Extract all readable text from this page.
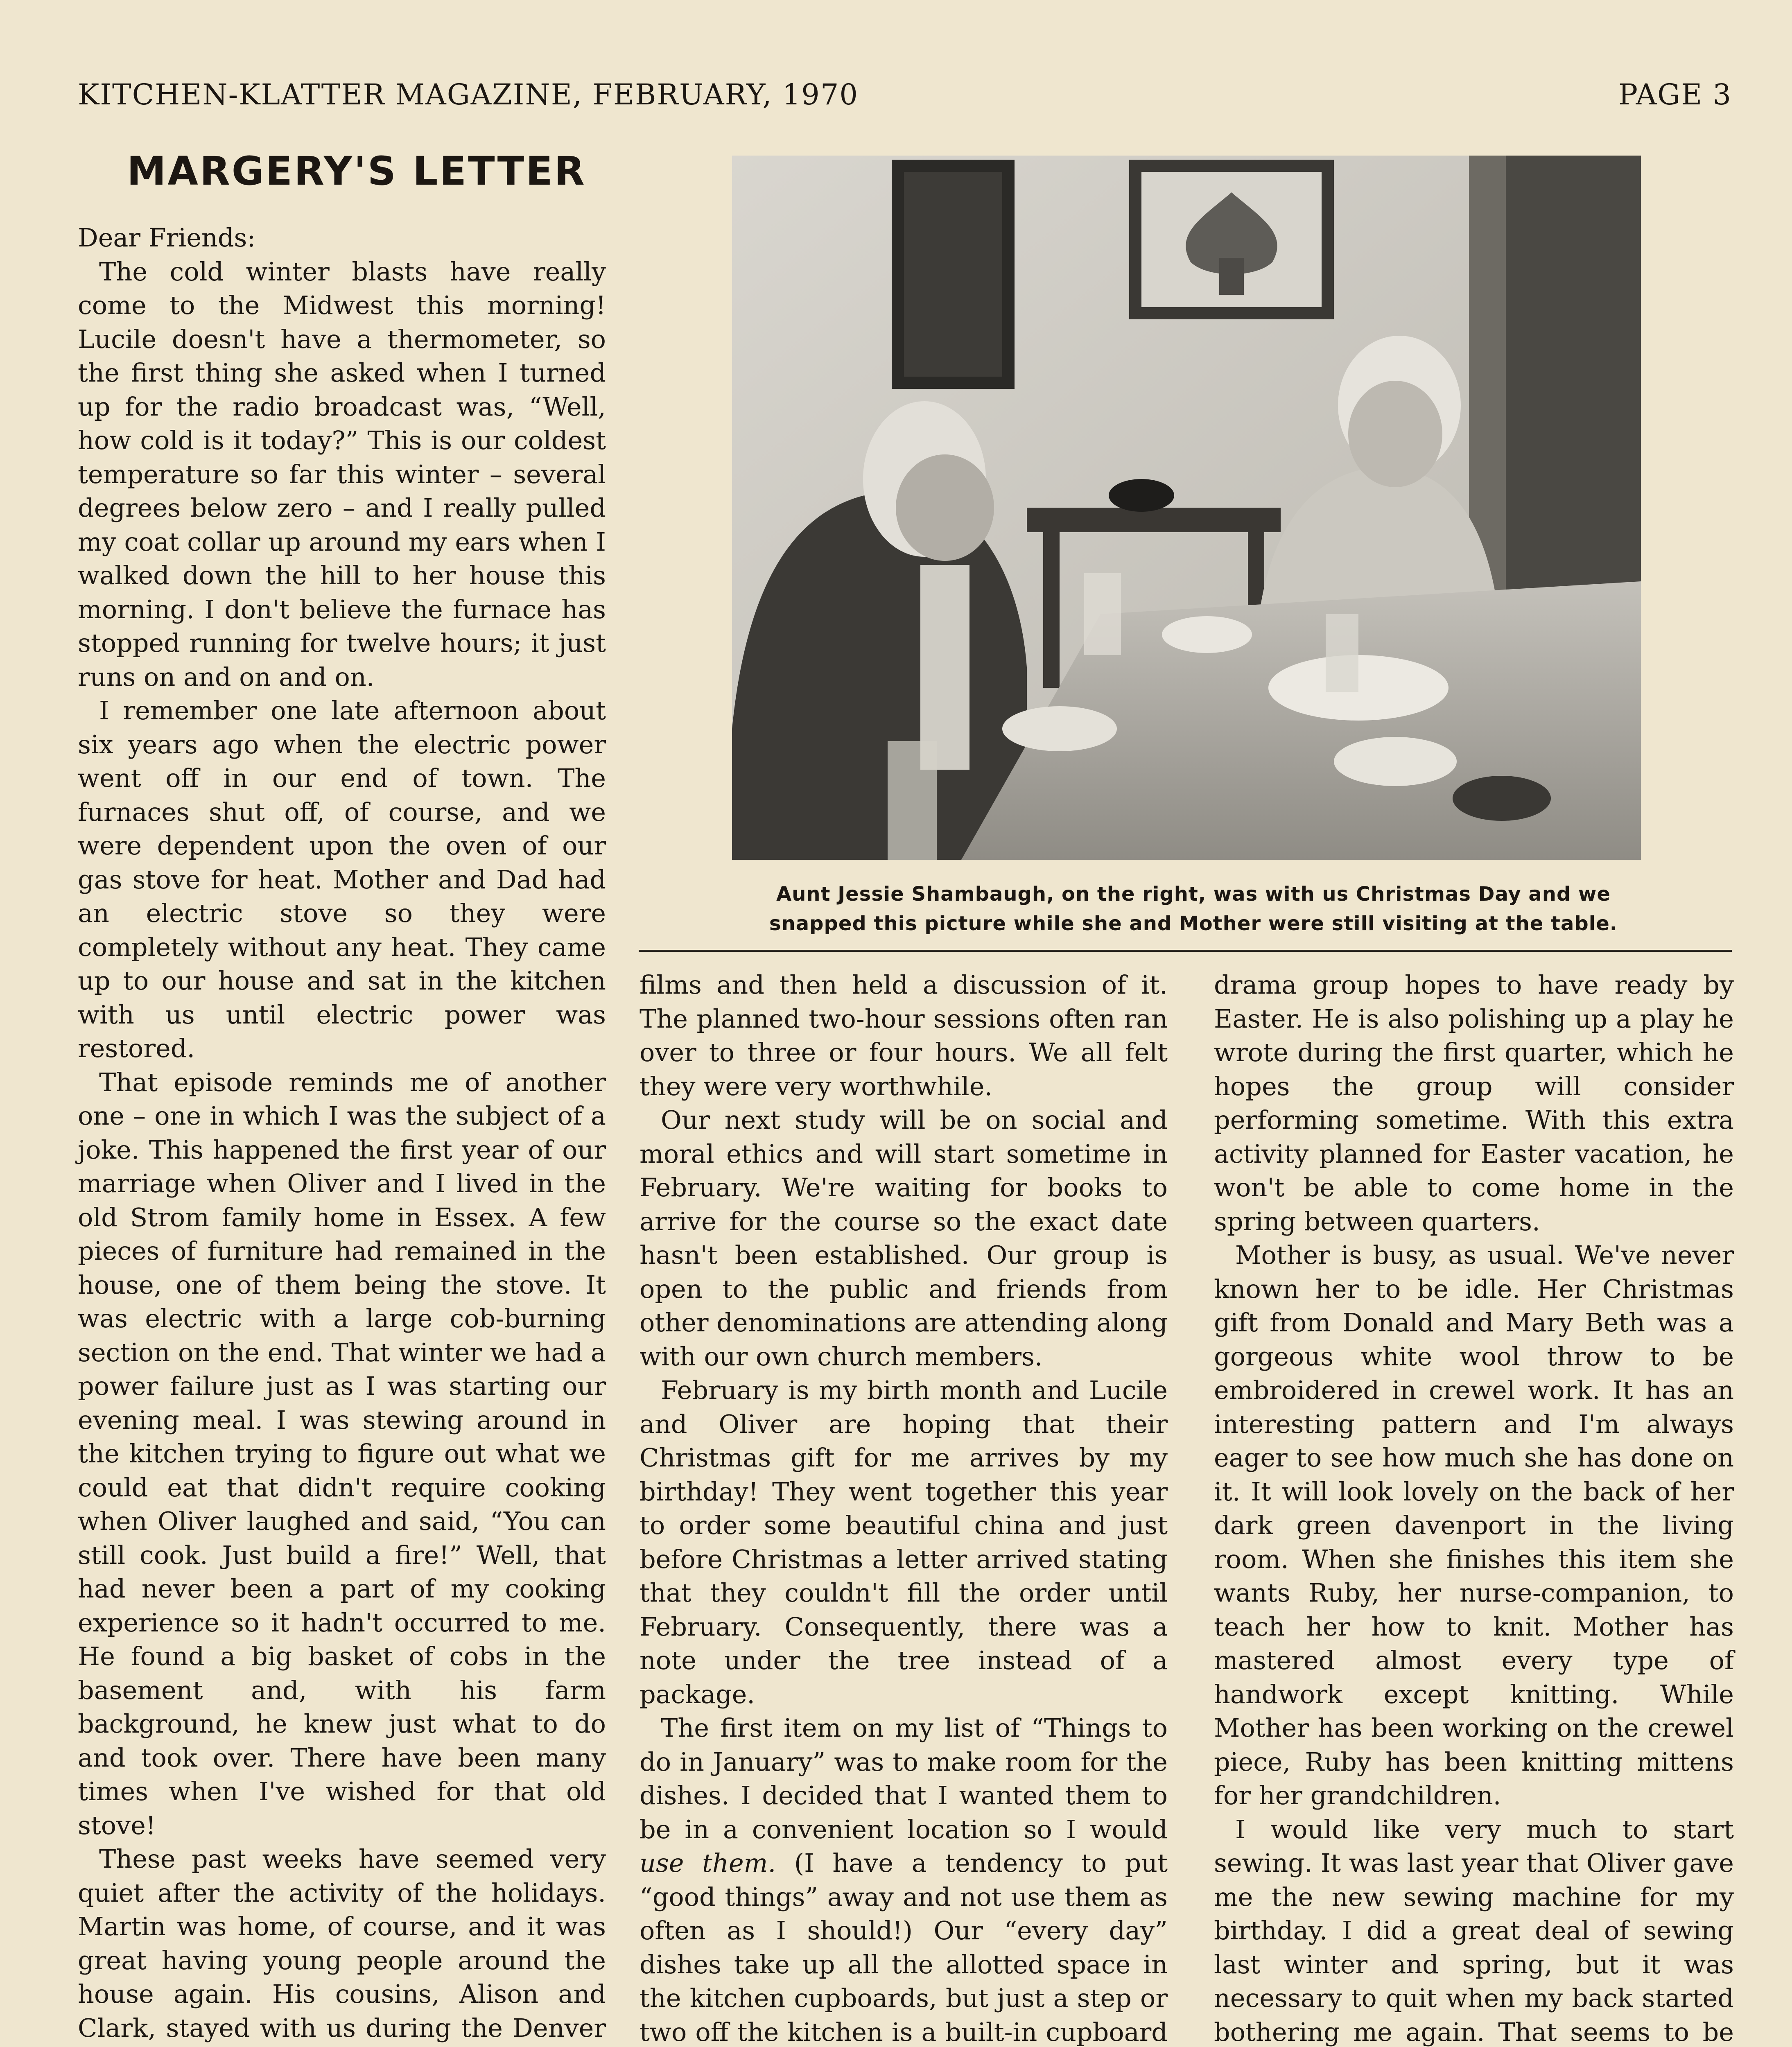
KITCHEN-KLATTER MAGAZINE, FEBRUARY, 1970	PAGE 3
MARGERY'S LETTER
Aunt Jessie Shambaugh, on the right, was with us Christmas Day and we
snapped this picture while she and Mother were still visiting at the table.

Dear Friends:

The cold winter blasts have really come to the Midwest this morning! Lucile doesn't have a thermometer, so the first thing she asked when I turned up for the radio broadcast was, “Well, how cold is it today?” This is our coldest temperature so far this winter – several degrees below zero – and I really pulled my coat collar up around my ears when I walked down the hill to her house this morning. I don't believe the furnace has stopped running for twelve hours; it just runs on and on and on.

I remember one late afternoon about six years ago when the electric power went off in our end of town. The furnaces shut off, of course, and we were dependent upon the oven of our gas stove for heat. Mother and Dad had an electric stove so they were completely without any heat. They came up to our house and sat in the kitchen with us until electric power was restored.

That episode reminds me of another one – one in which I was the subject of a joke. This happened the first year of our marriage when Oliver and I lived in the old Strom family home in Essex. A few pieces of furniture had remained in the house, one of them being the stove. It was electric with a large cob-burning section on the end. That winter we had a power failure just as I was starting our evening meal. I was stewing around in the kitchen trying to figure out what we could eat that didn't require cooking when Oliver laughed and said, “You can still cook. Just build a fire!” Well, that had never been a part of my cooking experience so it hadn't occurred to me. He found a big basket of cobs in the basement and, with his farm background, he knew just what to do and took over. There have been many times when I've wished for that old stove!

These past weeks have seemed very quiet after the activity of the holidays. Martin was home, of course, and it was great having young people around the house again. His cousins, Alison and Clark, stayed with us during the Denver

films and then held a discussion of it. The planned two-hour sessions often ran over to three or four hours. We all felt they were very worthwhile.

Our next study will be on social and moral ethics and will start sometime in February. We're waiting for books to arrive for the course so the exact date hasn't been established. Our group is open to the public and friends from other denominations are attending along with our own church members.

February is my birth month and Lucile and Oliver are hoping that their Christmas gift for me arrives by my birthday! They went together this year to order some beautiful china and just before Christmas a letter arrived stating that they couldn't fill the order until February. Consequently, there was a note under the tree instead of a package.

The first item on my list of “Things to do in January” was to make room for the dishes. I decided that I wanted them to be in a convenient location so I would use them. (I have a tendency to put “good things” away and not use them as often as I should!) Our “every day” dishes take up all the allotted space in the kitchen cupboards, but just a step or two off the kitchen is a built-in cupboard

drama group hopes to have ready by Easter. He is also polishing up a play he wrote during the first quarter, which he hopes the group will consider performing sometime. With this extra activity planned for Easter vacation, he won't be able to come home in the spring between quarters.

Mother is busy, as usual. We've never known her to be idle. Her Christmas gift from Donald and Mary Beth was a gorgeous white wool throw to be embroidered in crewel work. It has an interesting pattern and I'm always eager to see how much she has done on it. It will look lovely on the back of her dark green davenport in the living room. When she finishes this item she wants Ruby, her nurse-companion, to teach her how to knit. Mother has mastered almost every type of handwork except knitting. While Mother has been working on the crewel piece, Ruby has been knitting mittens for her grandchildren.

I would like very much to start sewing. It was last year that Oliver gave me the new sewing machine for my birthday. I did a great deal of sewing last winter and spring, but it was necessary to quit when my back started bothering me again. That seems to be
